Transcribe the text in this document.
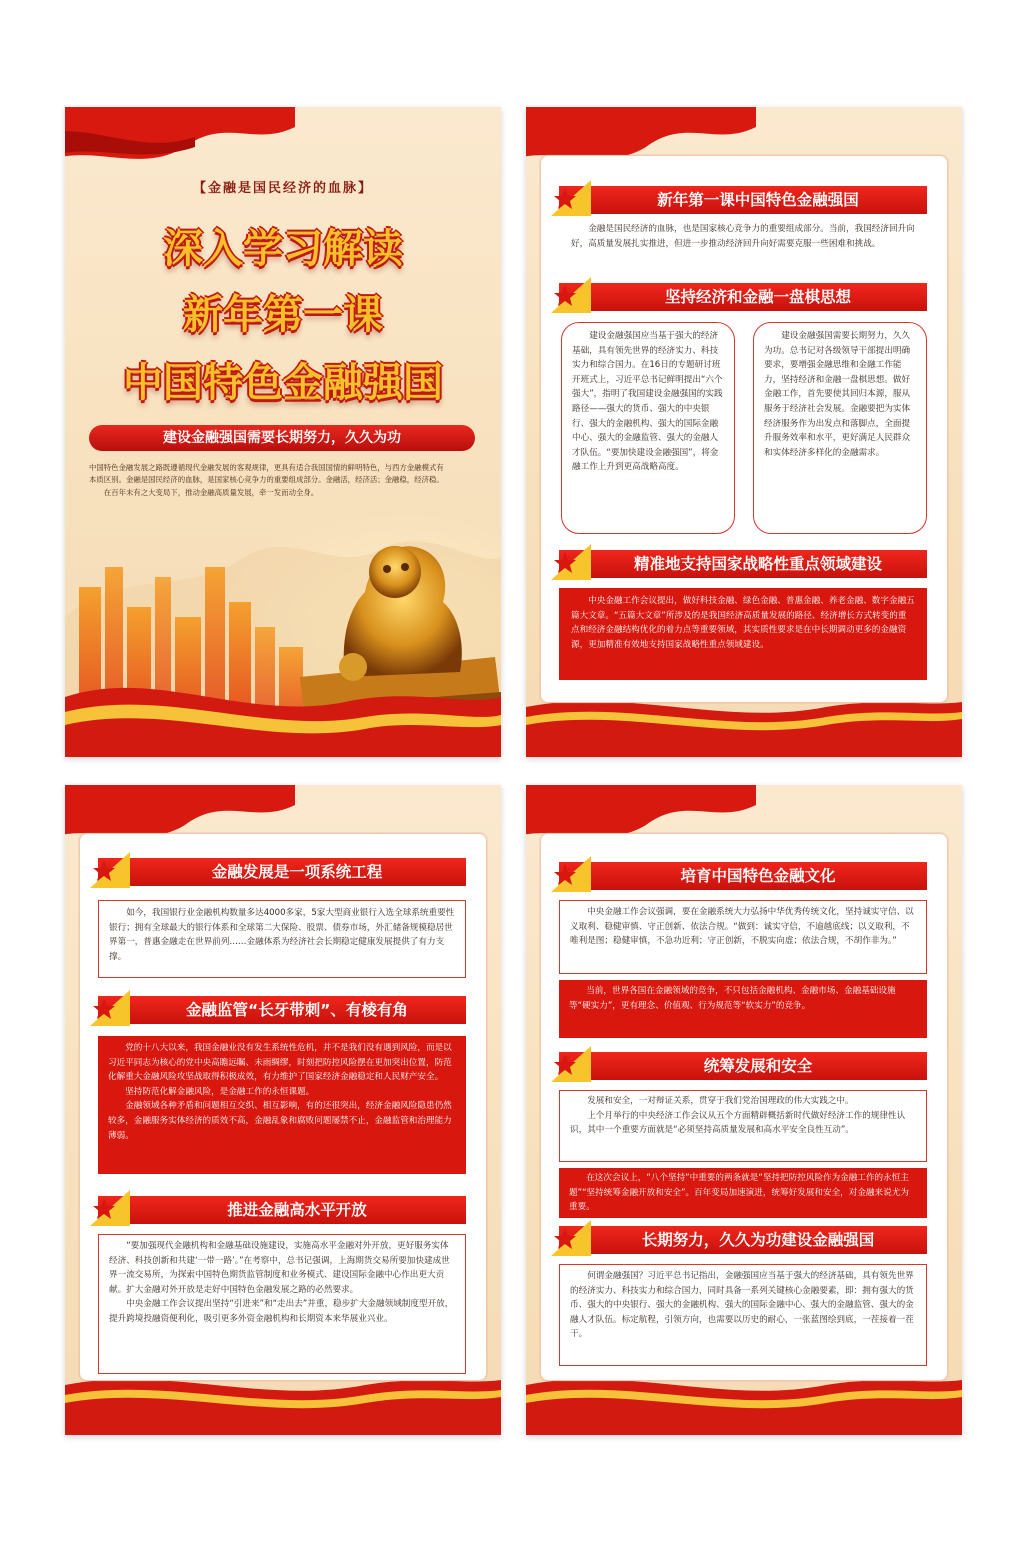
【金融是国民经济的血脉】
深入学习解读
新年第一课
中国特色金融强国
建设金融强国需要长期努力，久久为功
中国特色金融发展之路既遵循现代金融发展的客观规律，更具有适合我国国情的鲜明特色，与西方金融模式有
本质区别。金融是国民经济的血脉，是国家核心竞争力的重要组成部分。金融活，经济活；金融稳，经济稳。
在百年未有之大变局下，推动金融高质量发展，牵一发而动全身。
新年第一课中国特色金融强国
金融是国民经济的血脉，也是国家核心竞争力的重要组成部分。当前，我国经济回升向好，高质量发展扎实推进，但进一步推动经济回升向好需要克服一些困难和挑战。
坚持经济和金融一盘棋思想
建设金融强国应当基于强大的经济基础，具有领先世界的经济实力、科技实力和综合国力。在16日的专题研讨班开班式上，习近平总书记鲜明提出“六个强大”，指明了我国建设金融强国的实践路径——强大的货币、强大的中央银行、强大的金融机构、强大的国际金融中心、强大的金融监管、强大的金融人才队伍。“要加快建设金融强国”，将金融工作上升到更高战略高度。
建设金融强国需要长期努力，久久为功。总书记对各级领导干部提出明确要求，要增强金融思维和金融工作能力，坚持经济和金融一盘棋思想。做好金融工作，首先要使其回归本源，服从服务于经济社会发展。金融要把为实体经济服务作为出发点和落脚点，全面提升服务效率和水平，更好满足人民群众和实体经济多样化的金融需求。
精准地支持国家战略性重点领域建设
中央金融工作会议提出，做好科技金融、绿色金融、普惠金融、养老金融、数字金融五篇大文章。“五篇大文章”所涉及的是我国经济高质量发展的路径、经济增长方式转变的重点和经济金融结构优化的着力点等重要领域，其实质性要求是在中长期调动更多的金融资源，更加精准有效地支持国家战略性重点领域建设。
金融发展是一项系统工程
如今，我国银行业金融机构数量多达4000多家，5家大型商业银行入选全球系统重要性银行；拥有全球最大的银行体系和全球第二大保险、股票、债券市场，外汇储备规模稳居世界第一，普惠金融走在世界前列……金融体系为经济社会长期稳定健康发展提供了有力支撑。
金融监管“长牙带刺”、有棱有角
党的十八大以来，我国金融业没有发生系统性危机，并不是我们没有遇到风险，而是以习近平同志为核心的党中央高瞻远瞩、未雨绸缪，时刻把防控风险摆在更加突出位置，防范化解重大金融风险攻坚战取得积极成效，有力维护了国家经济金融稳定和人民财产安全。
坚持防范化解金融风险，是金融工作的永恒课题。
金融领域各种矛盾和问题相互交织、相互影响，有的还很突出，经济金融风险隐患仍然较多，金融服务实体经济的质效不高，金融乱象和腐败问题屡禁不止，金融监管和治理能力薄弱。
推进金融高水平开放
“要加强现代金融机构和金融基础设施建设，实施高水平金融对外开放，更好服务实体经济、科技创新和共建‘一带一路’。”在考察中，总书记强调，上海期货交易所要加快建成世界一流交易所，为探索中国特色期货监管制度和业务模式、建设国际金融中心作出更大贡献。扩大金融对外开放是走好中国特色金融发展之路的必然要求。
中央金融工作会议提出坚持“引进来”和“走出去”并重，稳步扩大金融领域制度型开放，提升跨境投融资便利化，吸引更多外资金融机构和长期资本来华展业兴业。
培育中国特色金融文化
中央金融工作会议强调，要在金融系统大力弘扬中华优秀传统文化，坚持诚实守信、以义取利、稳健审慎、守正创新、依法合规。“做到：诚实守信，不逾越底线；以义取利，不唯利是图；稳健审慎，不急功近利；守正创新，不脱实向虚；依法合规，不胡作非为。”
当前，世界各国在金融领域的竞争，不只包括金融机构、金融市场、金融基础设施等“硬实力”，更有理念、价值观、行为规范等“软实力”的竞争。
统筹发展和安全
发展和安全，一对辩证关系，贯穿于我们党治国理政的伟大实践之中。
上个月举行的中央经济工作会议从五个方面精辟概括新时代做好经济工作的规律性认识，其中一个重要方面就是“必须坚持高质量发展和高水平安全良性互动”。
在这次会议上，“八个坚持”中重要的两条就是“坚持把防控风险作为金融工作的永恒主题”“坚持统筹金融开放和安全”。百年变局加速演进，统筹好发展和安全，对金融来说尤为重要。
长期努力，久久为功建设金融强国
何谓金融强国？习近平总书记指出，金融强国应当基于强大的经济基础，具有领先世界的经济实力、科技实力和综合国力，同时具备一系列关键核心金融要素，即：拥有强大的货币、强大的中央银行、强大的金融机构、强大的国际金融中心、强大的金融监管、强大的金融人才队伍。标定航程，引领方向，也需要以历史的耐心，一张蓝图绘到底，一茬接着一茬干。
